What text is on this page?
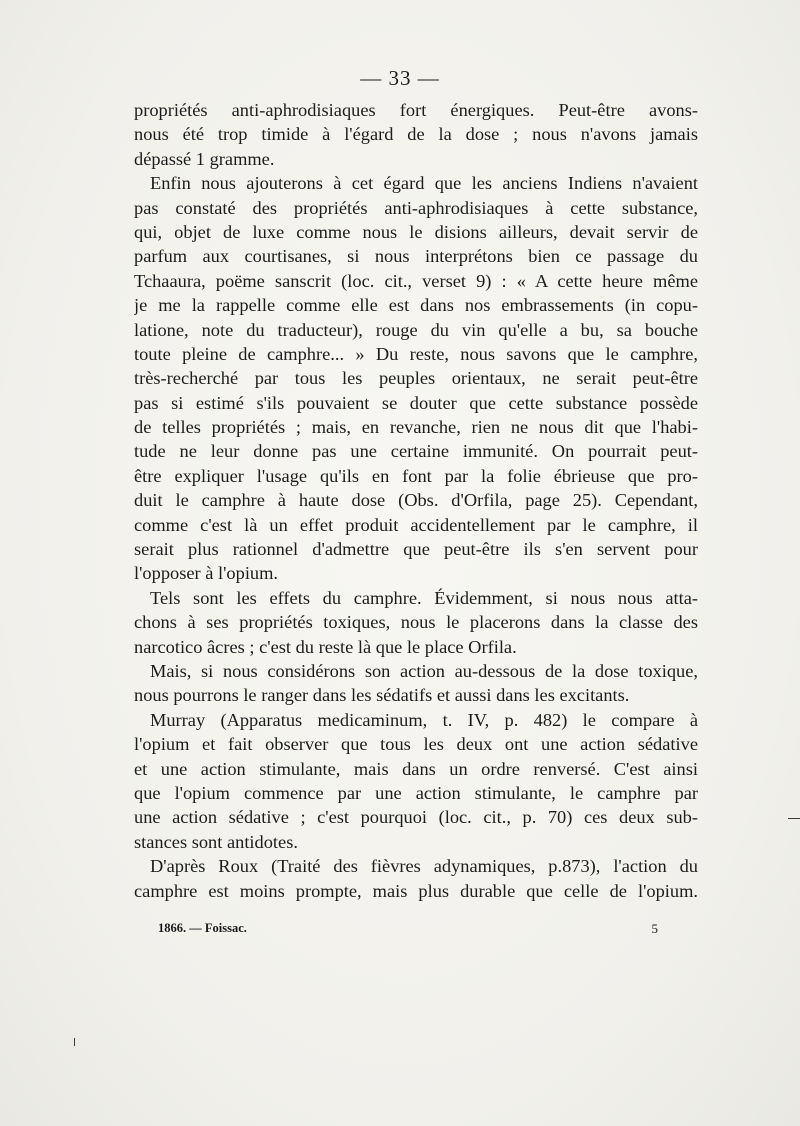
— 33 —
propriétés anti-aphrodisiaques fort énergiques. Peut-être avons-
nous été trop timide à l'égard de la dose ; nous n'avons jamais
dépassé 1 gramme.
Enfin nous ajouterons à cet égard que les anciens Indiens n'avaient
pas constaté des propriétés anti-aphrodisiaques à cette substance,
qui, objet de luxe comme nous le disions ailleurs, devait servir de
parfum aux courtisanes, si nous interprétons bien ce passage du
Tchaaura, poëme sanscrit (loc. cit., verset 9) : « A cette heure même
je me la rappelle comme elle est dans nos embrassements (in copu-
latione, note du traducteur), rouge du vin qu'elle a bu, sa bouche
toute pleine de camphre... » Du reste, nous savons que le camphre,
très-recherché par tous les peuples orientaux, ne serait peut-être
pas si estimé s'ils pouvaient se douter que cette substance possède
de telles propriétés ; mais, en revanche, rien ne nous dit que l'habi-
tude ne leur donne pas une certaine immunité. On pourrait peut-
être expliquer l'usage qu'ils en font par la folie ébrieuse que pro-
duit le camphre à haute dose (Obs. d'Orfila, page 25). Cependant,
comme c'est là un effet produit accidentellement par le camphre, il
serait plus rationnel d'admettre que peut-être ils s'en servent pour
l'opposer à l'opium.
Tels sont les effets du camphre. Évidemment, si nous nous atta-
chons à ses propriétés toxiques, nous le placerons dans la classe des
narcotico âcres ; c'est du reste là que le place Orfila.
Mais, si nous considérons son action au-dessous de la dose toxique,
nous pourrons le ranger dans les sédatifs et aussi dans les excitants.
Murray (Apparatus medicaminum, t. IV, p. 482) le compare à
l'opium et fait observer que tous les deux ont une action sédative
et une action stimulante, mais dans un ordre renversé. C'est ainsi
que l'opium commence par une action stimulante, le camphre par
une action sédative ; c'est pourquoi (loc. cit., p. 70) ces deux sub-
stances sont antidotes.
D'après Roux (Traité des fièvres adynamiques, p.873), l'action du
camphre est moins prompte, mais plus durable que celle de l'opium.
1866. — Foissac.	5
